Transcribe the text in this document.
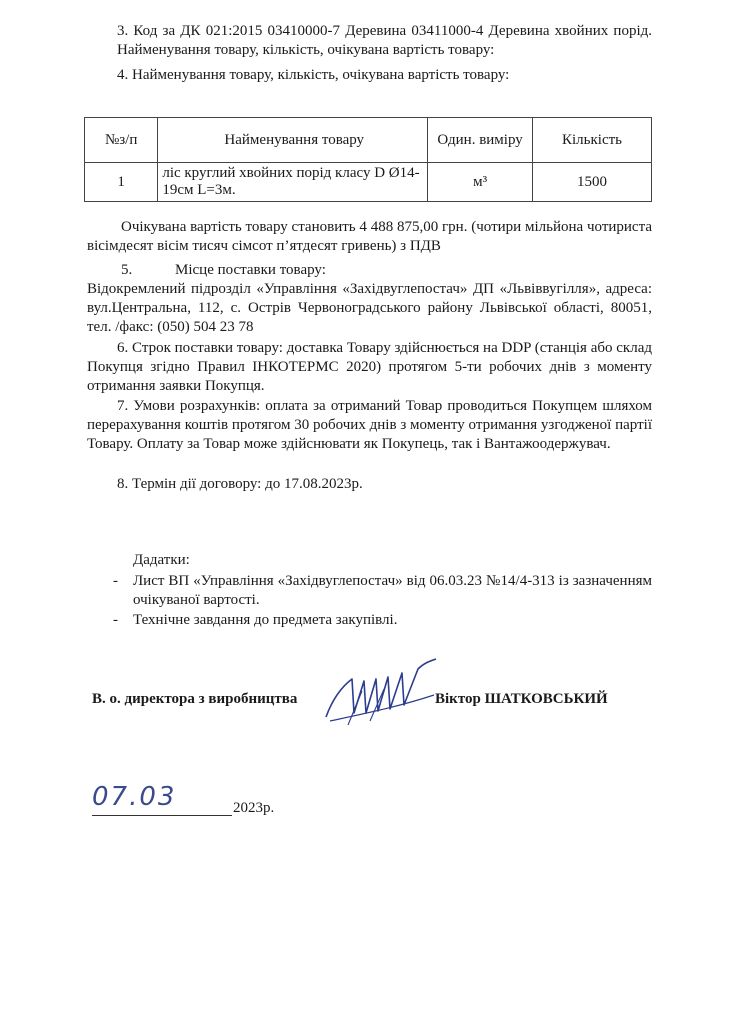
3. Код за ДК 021:2015 03410000-7 Деревина 03411000-4 Деревина хвойних порід. Найменування товару, кількість, очікувана вартість товару:
4. Найменування товару, кількість, очікувана вартість товару:
№з/п	Найменування товару	Один. виміру	Кількість
1	ліс круглий хвойних порід класу D Ø14-19см L=3м.	м³	1500
Очікувана вартість товару становить 4 488 875,00 грн. (чотири мільйона чотириста вісімдесят вісім тисяч сімсот п’ятдесят гривень) з ПДВ
5.	Місце поставки товару:
Відокремлений підрозділ «Управління «Західвуглепостач» ДП «Львіввугілля», адреса: вул.Центральна, 112, с. Острів Червоноградського району Львівської області, 80051, тел. /факс: (050) 504 23 78
6. Строк поставки товару: доставка Товару здійснюється на DDP (станція або склад Покупця згідно Правил ІНКОТЕРМС 2020) протягом 5-ти робочих днів з моменту отримання заявки Покупця.
7. Умови розрахунків: оплата за отриманий Товар проводиться Покупцем шляхом перерахування коштів протягом 30 робочих днів з моменту отримання узгодженої партії Товару. Оплату за Товар може здійснювати як Покупець, так і Вантажоодержувач.
8. Термін дії договору: до 17.08.2023р.
Дадатки:
- Лист ВП «Управління «Західвуглепостач» від 06.03.23 №14/4-313 із зазначенням очікуваної вартості.
- Технічне завдання до предмета закупівлі.
В. о. директора з виробництва	Віктор ШАТКОВСЬКИЙ
07.03	2023р.
